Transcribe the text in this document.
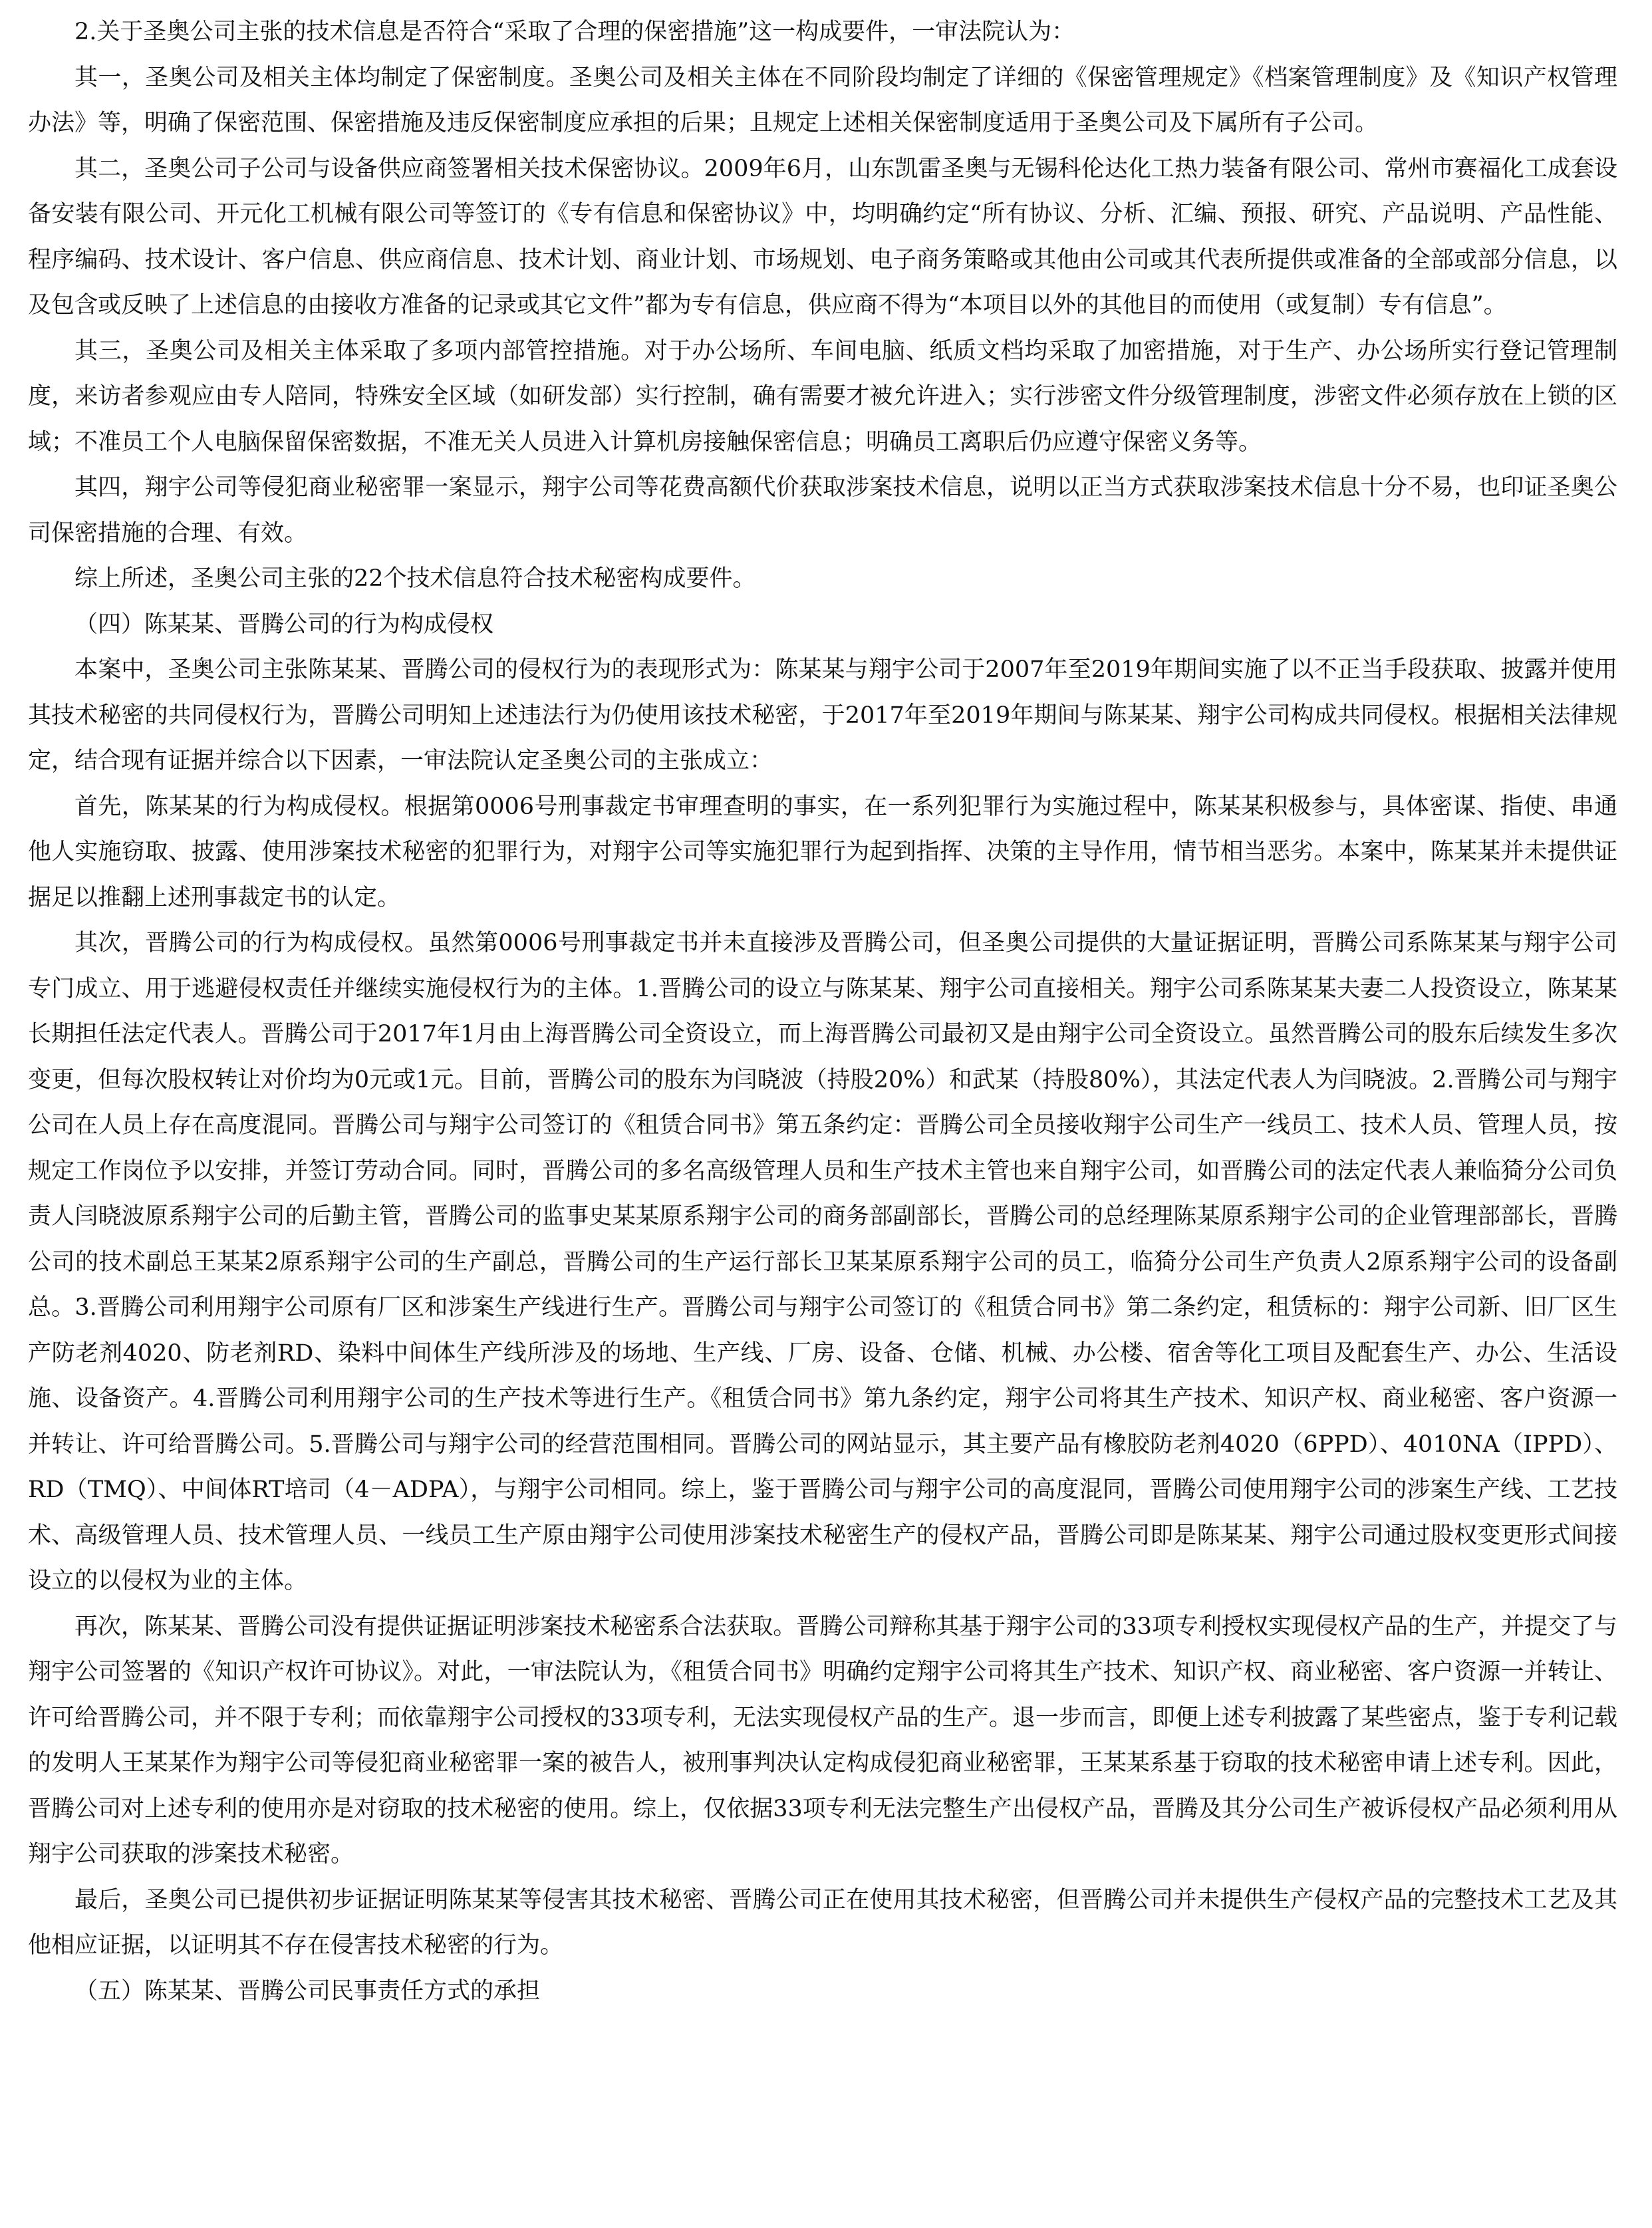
2.关于圣奥公司主张的技术信息是否符合“采取了合理的保密措施”这一构成要件，一审法院认为：

其一，圣奥公司及相关主体均制定了保密制度。圣奥公司及相关主体在不同阶段均制定了详细的《保密管理规定》《档案管理制度》及《知识产权管理办法》等，明确了保密范围、保密措施及违反保密制度应承担的后果；且规定上述相关保密制度适用于圣奥公司及下属所有子公司。

其二，圣奥公司子公司与设备供应商签署相关技术保密协议。2009年6月，山东凯雷圣奥与无锡科伦达化工热力装备有限公司、常州市赛福化工成套设备安装有限公司、开元化工机械有限公司等签订的《专有信息和保密协议》中，均明确约定“所有协议、分析、汇编、预报、研究、产品说明、产品性能、程序编码、技术设计、客户信息、供应商信息、技术计划、商业计划、市场规划、电子商务策略或其他由公司或其代表所提供或准备的全部或部分信息，以及包含或反映了上述信息的由接收方准备的记录或其它文件”都为专有信息，供应商不得为“本项目以外的其他目的而使用（或复制）专有信息”。

其三，圣奥公司及相关主体采取了多项内部管控措施。对于办公场所、车间电脑、纸质文档均采取了加密措施，对于生产、办公场所实行登记管理制度，来访者参观应由专人陪同，特殊安全区域（如研发部）实行控制，确有需要才被允许进入；实行涉密文件分级管理制度，涉密文件必须存放在上锁的区域；不准员工个人电脑保留保密数据，不准无关人员进入计算机房接触保密信息；明确员工离职后仍应遵守保密义务等。

其四，翔宇公司等侵犯商业秘密罪一案显示，翔宇公司等花费高额代价获取涉案技术信息，说明以正当方式获取涉案技术信息十分不易，也印证圣奥公司保密措施的合理、有效。

综上所述，圣奥公司主张的22个技术信息符合技术秘密构成要件。

（四）陈某某、晋腾公司的行为构成侵权

本案中，圣奥公司主张陈某某、晋腾公司的侵权行为的表现形式为：陈某某与翔宇公司于2007年至2019年期间实施了以不正当手段获取、披露并使用其技术秘密的共同侵权行为，晋腾公司明知上述违法行为仍使用该技术秘密，于2017年至2019年期间与陈某某、翔宇公司构成共同侵权。根据相关法律规定，结合现有证据并综合以下因素，一审法院认定圣奥公司的主张成立：

首先，陈某某的行为构成侵权。根据第0006号刑事裁定书审理查明的事实，在一系列犯罪行为实施过程中，陈某某积极参与，具体密谋、指使、串通他人实施窃取、披露、使用涉案技术秘密的犯罪行为，对翔宇公司等实施犯罪行为起到指挥、决策的主导作用，情节相当恶劣。本案中，陈某某并未提供证据足以推翻上述刑事裁定书的认定。

其次，晋腾公司的行为构成侵权。虽然第0006号刑事裁定书并未直接涉及晋腾公司，但圣奥公司提供的大量证据证明，晋腾公司系陈某某与翔宇公司专门成立、用于逃避侵权责任并继续实施侵权行为的主体。1.晋腾公司的设立与陈某某、翔宇公司直接相关。翔宇公司系陈某某夫妻二人投资设立，陈某某长期担任法定代表人。晋腾公司于2017年1月由上海晋腾公司全资设立，而上海晋腾公司最初又是由翔宇公司全资设立。虽然晋腾公司的股东后续发生多次变更，但每次股权转让对价均为0元或1元。目前，晋腾公司的股东为闫晓波（持股20%）和武某（持股80%），其法定代表人为闫晓波。2.晋腾公司与翔宇公司在人员上存在高度混同。晋腾公司与翔宇公司签订的《租赁合同书》第五条约定：晋腾公司全员接收翔宇公司生产一线员工、技术人员、管理人员，按规定工作岗位予以安排，并签订劳动合同。同时，晋腾公司的多名高级管理人员和生产技术主管也来自翔宇公司，如晋腾公司的法定代表人兼临猗分公司负责人闫晓波原系翔宇公司的后勤主管，晋腾公司的监事史某某原系翔宇公司的商务部副部长，晋腾公司的总经理陈某原系翔宇公司的企业管理部部长，晋腾公司的技术副总王某某2原系翔宇公司的生产副总，晋腾公司的生产运行部长卫某某原系翔宇公司的员工，临猗分公司生产负责人2原系翔宇公司的设备副总。3.晋腾公司利用翔宇公司原有厂区和涉案生产线进行生产。晋腾公司与翔宇公司签订的《租赁合同书》第二条约定，租赁标的：翔宇公司新、旧厂区生产防老剂4020、防老剂RD、染料中间体生产线所涉及的场地、生产线、厂房、设备、仓储、机械、办公楼、宿舍等化工项目及配套生产、办公、生活设施、设备资产。4.晋腾公司利用翔宇公司的生产技术等进行生产。《租赁合同书》第九条约定，翔宇公司将其生产技术、知识产权、商业秘密、客户资源一并转让、许可给晋腾公司。5.晋腾公司与翔宇公司的经营范围相同。晋腾公司的网站显示，其主要产品有橡胶防老剂4020（6PPD）、4010NA（IPPD）、RD（TMQ）、中间体RT培司（4－ADPA），与翔宇公司相同。综上，鉴于晋腾公司与翔宇公司的高度混同，晋腾公司使用翔宇公司的涉案生产线、工艺技术、高级管理人员、技术管理人员、一线员工生产原由翔宇公司使用涉案技术秘密生产的侵权产品，晋腾公司即是陈某某、翔宇公司通过股权变更形式间接设立的以侵权为业的主体。

再次，陈某某、晋腾公司没有提供证据证明涉案技术秘密系合法获取。晋腾公司辩称其基于翔宇公司的33项专利授权实现侵权产品的生产，并提交了与翔宇公司签署的《知识产权许可协议》。对此，一审法院认为，《租赁合同书》明确约定翔宇公司将其生产技术、知识产权、商业秘密、客户资源一并转让、许可给晋腾公司，并不限于专利；而依靠翔宇公司授权的33项专利，无法实现侵权产品的生产。退一步而言，即便上述专利披露了某些密点，鉴于专利记载的发明人王某某作为翔宇公司等侵犯商业秘密罪一案的被告人，被刑事判决认定构成侵犯商业秘密罪，王某某系基于窃取的技术秘密申请上述专利。因此，晋腾公司对上述专利的使用亦是对窃取的技术秘密的使用。综上，仅依据33项专利无法完整生产出侵权产品，晋腾及其分公司生产被诉侵权产品必须利用从翔宇公司获取的涉案技术秘密。

最后，圣奥公司已提供初步证据证明陈某某等侵害其技术秘密、晋腾公司正在使用其技术秘密，但晋腾公司并未提供生产侵权产品的完整技术工艺及其他相应证据，以证明其不存在侵害技术秘密的行为。

（五）陈某某、晋腾公司民事责任方式的承担
